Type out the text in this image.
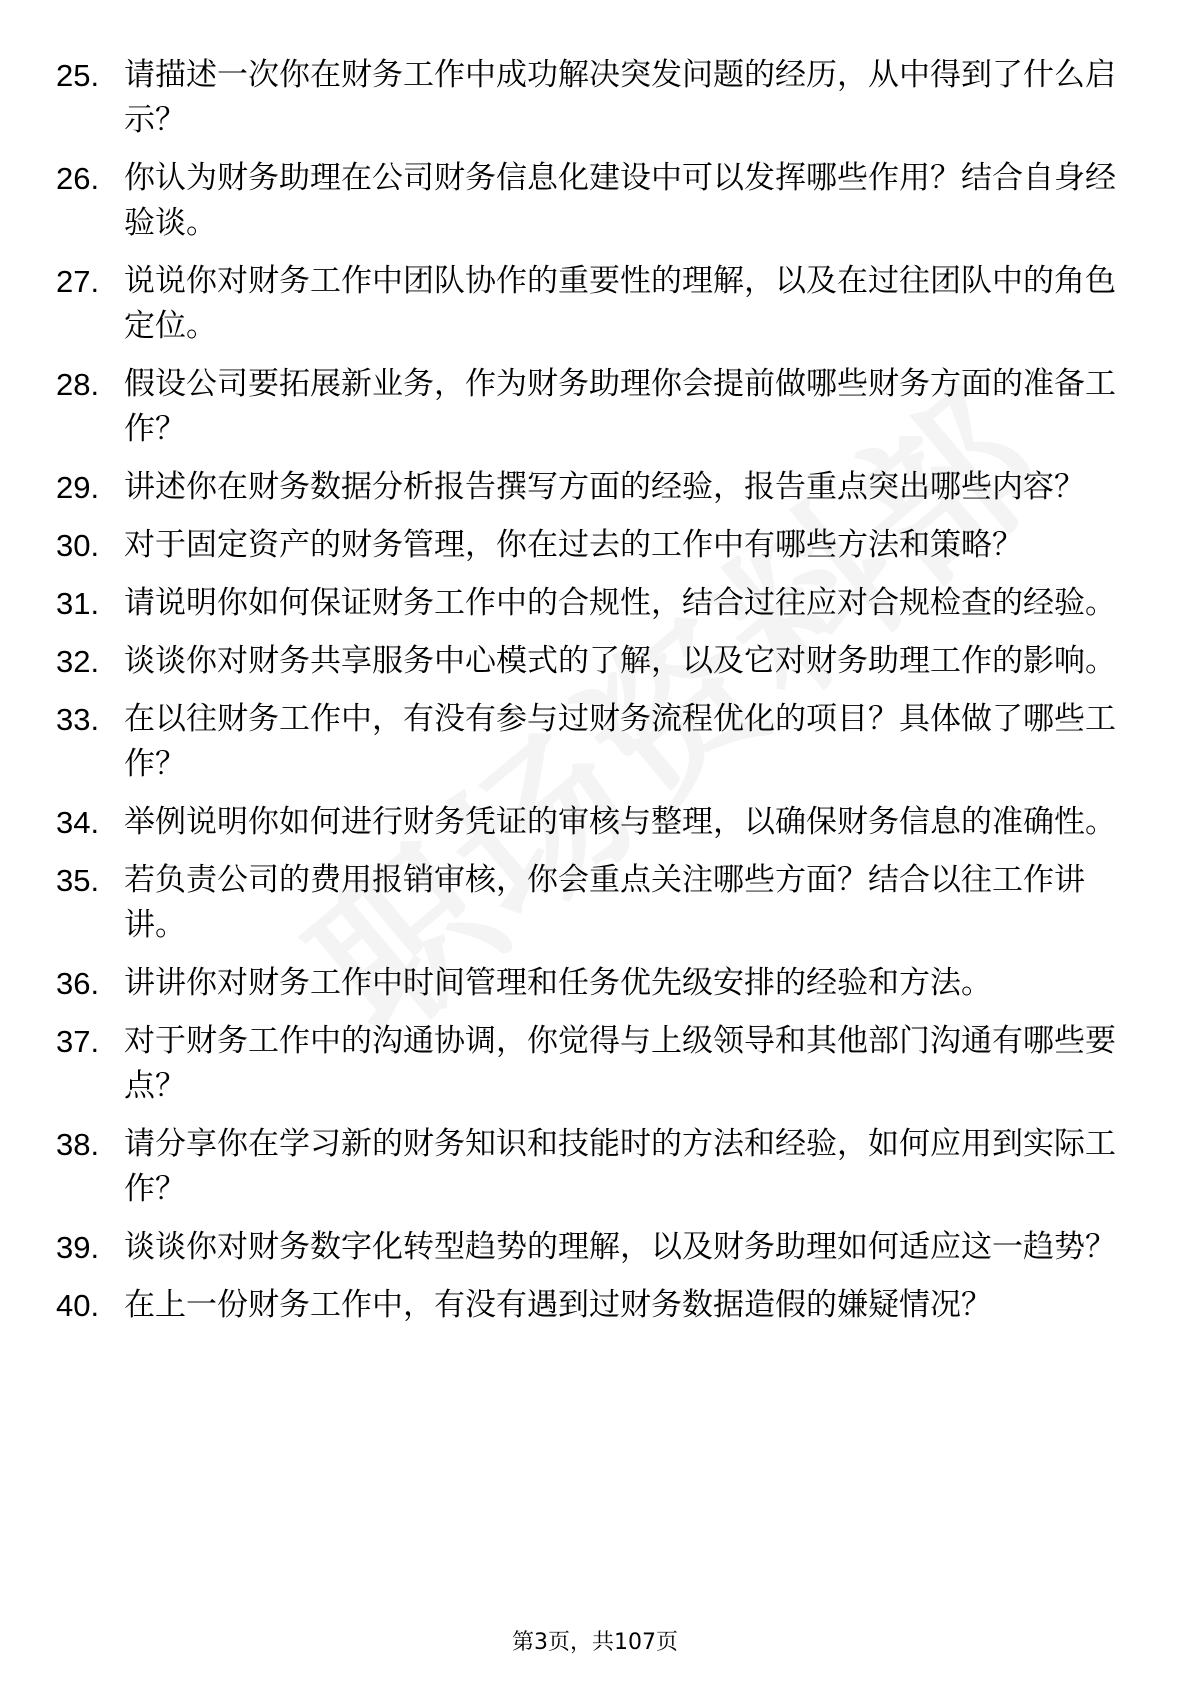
25. 请描述一次你在财务工作中成功解决突发问题的经历，从中得到了什么启示？
26. 你认为财务助理在公司财务信息化建设中可以发挥哪些作用？结合自身经验谈。
27. 说说你对财务工作中团队协作的重要性的理解，以及在过往团队中的角色定位。
28. 假设公司要拓展新业务，作为财务助理你会提前做哪些财务方面的准备工作？
29. 讲述你在财务数据分析报告撰写方面的经验，报告重点突出哪些内容？
30. 对于固定资产的财务管理，你在过去的工作中有哪些方法和策略？
31. 请说明你如何保证财务工作中的合规性，结合过往应对合规检查的经验。
32. 谈谈你对财务共享服务中心模式的了解，以及它对财务助理工作的影响。
33. 在以往财务工作中，有没有参与过财务流程优化的项目？具体做了哪些工作？
34. 举例说明你如何进行财务凭证的审核与整理，以确保财务信息的准确性。
35. 若负责公司的费用报销审核，你会重点关注哪些方面？结合以往工作讲讲。
36. 讲讲你对财务工作中时间管理和任务优先级安排的经验和方法。
37. 对于财务工作中的沟通协调，你觉得与上级领导和其他部门沟通有哪些要点？
38. 请分享你在学习新的财务知识和技能时的方法和经验，如何应用到实际工作？
39. 谈谈你对财务数字化转型趋势的理解，以及财务助理如何适应这一趋势？
40. 在上一份财务工作中，有没有遇到过财务数据造假的嫌疑情况？
第3页，共107页
